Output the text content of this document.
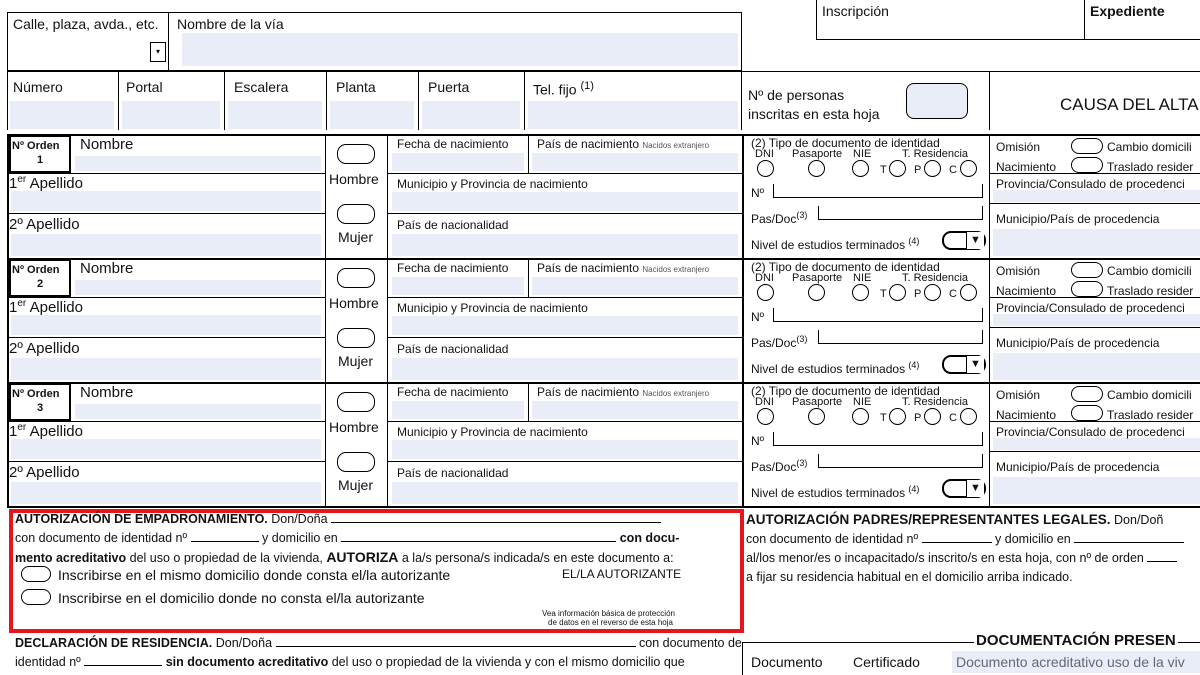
Calle, plaza, avda., etc. Nombre de la vía
▾
Número	Portal	Escalera	Planta	Puerta	Tel. fijo $^{(1)}$
Inscripción	Expediente
Nº de personas
inscritas en esta hoja	CAUSA DEL ALTA
Nº Orden
1
Nombre
1er Apellido
2º Apellido
Hombre
Mujer
Fecha de nacimiento País de nacimiento Nacidos extranjero
Municipio y Provincia de nacimiento
País de nacionalidad
(2) Tipo de documento de identidad
DNI Pasaporte NIE	T. Residencia
T P	C
Nº
Pas/Doc$^{(3)}$
Nivel de estudios terminados $^{(4)}$	▼
Omisión	Cambio domicili
Nacimiento	Traslado resider
Provincia/Consulado de procedenci
Municipio/País de procedencia
Nº Orden
2
Nombre
1er Apellido
2º Apellido
Hombre
Mujer
Fecha de nacimiento País de nacimiento Nacidos extranjero
Municipio y Provincia de nacimiento
País de nacionalidad
(2) Tipo de documento de identidad
DNI Pasaporte NIE	T. Residencia
T P	C
Nº
Pas/Doc$^{(3)}$
Nivel de estudios terminados $^{(4)}$	▼
Omisión	Cambio domicili
Nacimiento	Traslado resider
Provincia/Consulado de procedenci
Municipio/País de procedencia
Nº Orden
3
Nombre
1er Apellido
2º Apellido
Hombre
Mujer
Fecha de nacimiento País de nacimiento Nacidos extranjero
Municipio y Provincia de nacimiento
País de nacionalidad
(2) Tipo de documento de identidad
DNI Pasaporte NIE	T. Residencia
T P	C
Nº
Pas/Doc$^{(3)}$
Nivel de estudios terminados $^{(4)}$	▼
Omisión	Cambio domicili
Nacimiento	Traslado resider
Provincia/Consulado de procedenci
Municipio/País de procedencia
AUTORIZACIÓN DE EMPADRONAMIENTO. Don/Doña
con documento de identidad nº	y domicilio en	con docu-
mento acreditativo del uso o propiedad de la vivienda, AUTORIZA a la/s persona/s indicada/s en este documento a:
Inscribirse en el mismo domicilio donde consta el/la autorizante
Inscribirse en el domicilio donde no consta el/la autorizante
EL/LA AUTORIZANTE
Vea información básica de protección
de datos en el reverso de esta hoja
AUTORIZACIÓN PADRES/REPRESENTANTES LEGALES. Don/Doñ
con documento de identidad nº	y domicilio en
al/los menor/es o incapacitado/s inscrito/s en esta hoja, con nº de orden
a fijar su residencia habitual en el domicilio arriba indicado.
DECLARACIÓN DE RESIDENCIA. Don/Doña	con documento de
identidad nº	sin documento acreditativo del uso o propiedad de la vivienda y con el mismo domicilio que
DOCUMENTACIÓN PRESEN
Documento Certificado	Documento acreditativo uso de la viv
